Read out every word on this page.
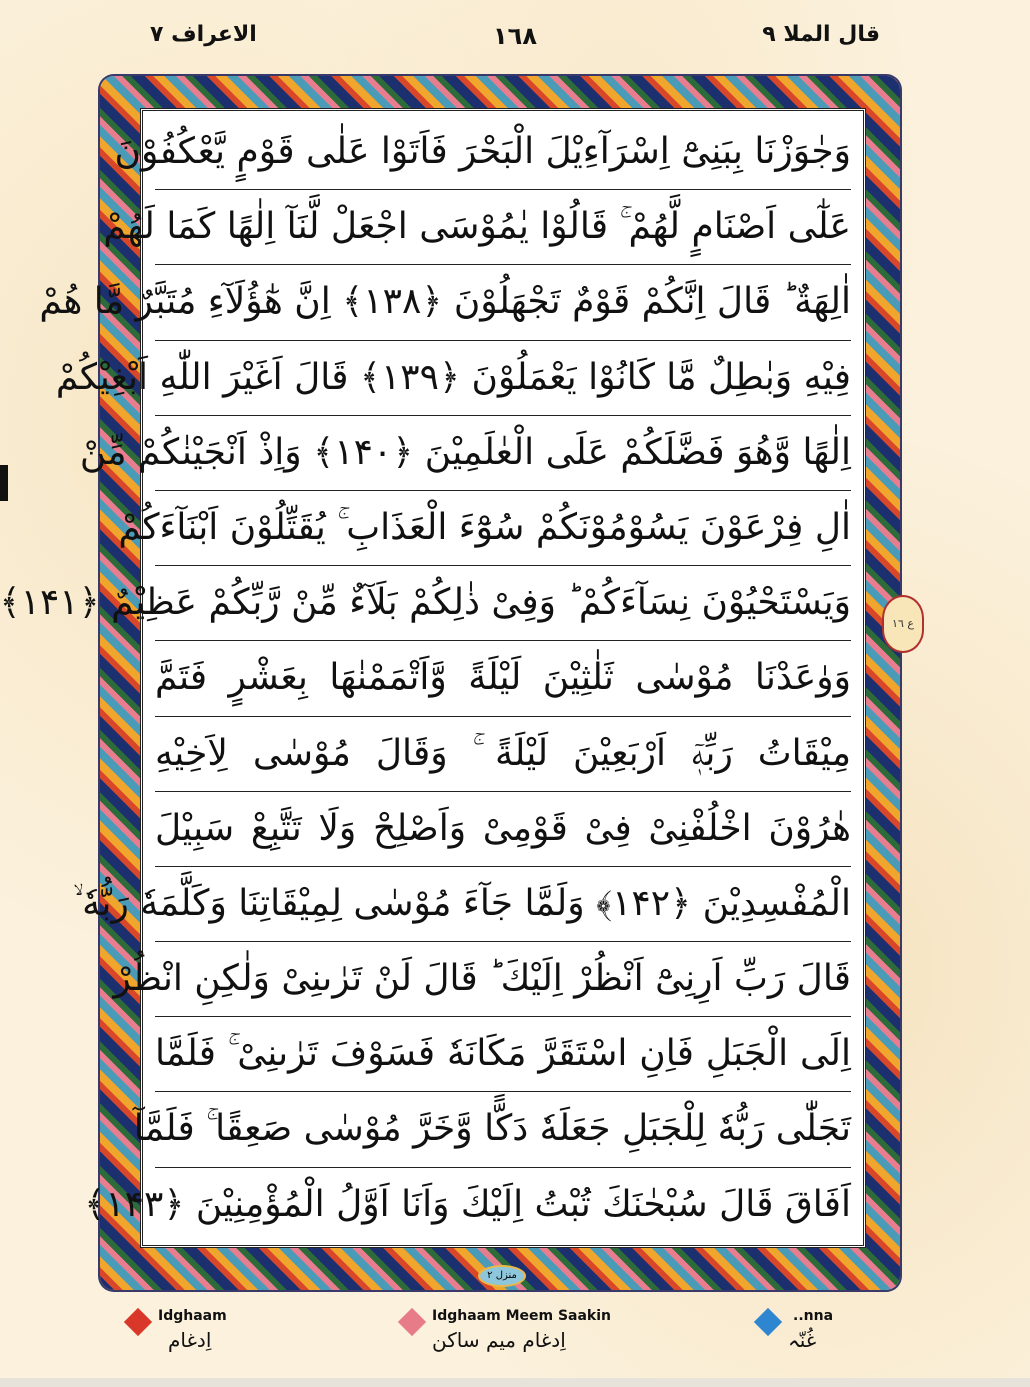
قال الملا ٩
١٦٨
الاعراف ٧
وَجٰوَزْنَا بِبَنِیْٓ اِسْرَآءِیْلَ الْبَحْرَ فَاَتَوْا عَلٰی قَوْمٍ یَّعْكُفُوْنَ
عَلٰٓی اَصْنَامٍ لَّهُمْ ۚ قَالُوْا یٰمُوْسَی اجْعَلْ لَّنَآ اِلٰهًا كَمَا لَهُمْ
اٰلِهَةٌ ؕ قَالَ اِنَّكُمْ قَوْمٌ تَجْهَلُوْنَ ﴿۱۳۸﴾ اِنَّ هٰٓؤُلَآءِ مُتَبَّرٌ مَّا هُمْ
فِیْهِ وَبٰطِلٌ مَّا كَانُوْا یَعْمَلُوْنَ ﴿۱۳۹﴾ قَالَ اَغَیْرَ اللّٰهِ اَبْغِیْكُمْ
اِلٰهًا وَّهُوَ فَضَّلَكُمْ عَلَی الْعٰلَمِیْنَ ﴿۱۴۰﴾ وَاِذْ اَنْجَیْنٰكُمْ مِّنْ
اٰلِ فِرْعَوْنَ یَسُوْمُوْنَكُمْ سُوْٓءَ الْعَذَابِ ۚ یُقَتِّلُوْنَ اَبْنَآءَكُمْ
وَیَسْتَحْیُوْنَ نِسَآءَكُمْ ؕ وَفِیْ ذٰلِكُمْ بَلَآءٌ مِّنْ رَّبِّكُمْ عَظِیْمٌ ﴿۱۴۱﴾
وَوٰعَدْنَا مُوْسٰی ثَلٰثِیْنَ لَیْلَةً وَّاَتْمَمْنٰهَا بِعَشْرٍ فَتَمَّ
مِیْقَاتُ رَبِّهٖٓ اَرْبَعِیْنَ لَیْلَةً ۚ وَقَالَ مُوْسٰی لِاَخِیْهِ
هٰرُوْنَ اخْلُفْنِیْ فِیْ قَوْمِیْ وَاَصْلِحْ وَلَا تَتَّبِعْ سَبِیْلَ
الْمُفْسِدِیْنَ ﴿۱۴۲﴾ وَلَمَّا جَآءَ مُوْسٰی لِمِیْقَاتِنَا وَكَلَّمَهٗ رَبُّهٗ ۙ
قَالَ رَبِّ اَرِنِیْٓ اَنْظُرْ اِلَیْكَ ؕ قَالَ لَنْ تَرٰىنِیْ وَلٰكِنِ انْظُرْ
اِلَی الْجَبَلِ فَاِنِ اسْتَقَرَّ مَكَانَهٗ فَسَوْفَ تَرٰىنِیْ ۚ فَلَمَّا
تَجَلّٰی رَبُّهٗ لِلْجَبَلِ جَعَلَهٗ دَكًّا وَّخَرَّ مُوْسٰی صَعِقًا ۚ فَلَمَّآ
اَفَاقَ قَالَ سُبْحٰنَكَ تُبْتُ اِلَیْكَ وَاَنَا اَوَّلُ الْمُؤْمِنِیْنَ ﴿۱۴۳﴾
ع ١٦
منزل ٢
Idghaam
اِدغام
Idghaam Meem Saakin
اِدغام میم ساکن
..nna
غُنّہ
